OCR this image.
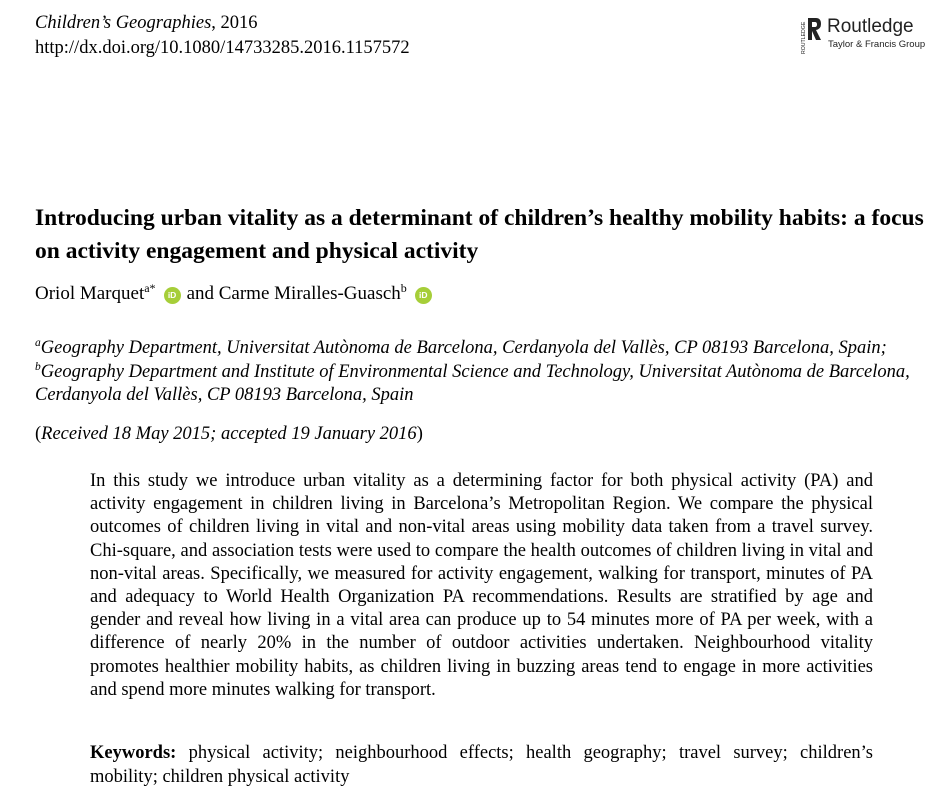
Children’s Geographies, 2016
http://dx.doi.org/10.1080/14733285.2016.1157572	ROUTLEDGE Routledge
Taylor & Francis Group
Introducing urban vitality as a determinant of children’s healthy mobility habits: a focus on activity engagement and physical activity
Oriol Marquet$^{a*}$ iD and Carme Miralles-Guasch$^b$ iD
$^a$Geography Department, Universitat Autònoma de Barcelona, Cerdanyola del Vallès, CP 08193 Barcelona, Spain; $^b$Geography Department and Institute of Environmental Science and Technology, Universitat Autònoma de Barcelona, Cerdanyola del Vallès, CP 08193 Barcelona, Spain
(Received 18 May 2015; accepted 19 January 2016)
In this study we introduce urban vitality as a determining factor for both physical activity (PA) and activity engagement in children living in Barcelona’s Metropolitan Region. We compare the physical outcomes of children living in vital and non-vital areas using mobility data taken from a travel survey. Chi-square, and association tests were used to compare the health outcomes of children living in vital and non-vital areas. Specifically, we measured for activity engagement, walking for transport, minutes of PA and adequacy to World Health Organization PA recommendations. Results are stratified by age and gender and reveal how living in a vital area can produce up to 54 minutes more of PA per week, with a difference of nearly 20% in the number of outdoor activities undertaken. Neighbourhood vitality promotes healthier mobility habits, as children living in buzzing areas tend to engage in more activities and spend more minutes walking for transport.
Keywords: physical activity; neighbourhood effects; health geography; travel survey; children’s mobility; children physical activity
